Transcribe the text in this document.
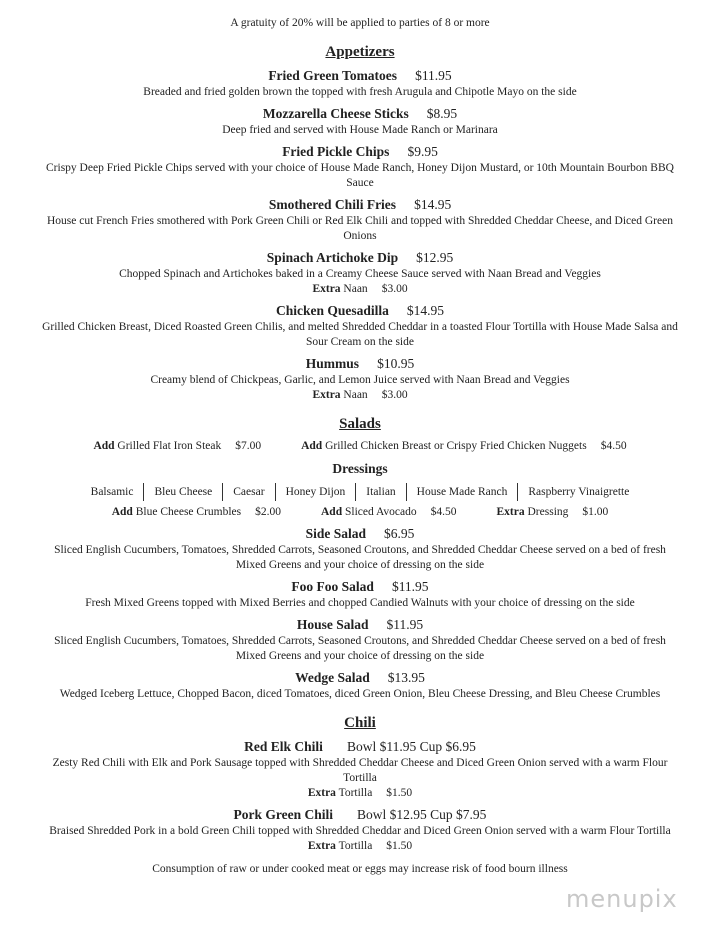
A gratuity of 20% will be applied to parties of 8 or more
Appetizers
Fried Green Tomatoes $11.95
Breaded and fried golden brown the topped with fresh Arugula and Chipotle Mayo on the side
Mozzarella Cheese Sticks $8.95
Deep fried and served with House Made Ranch or Marinara
Fried Pickle Chips $9.95
Crispy Deep Fried Pickle Chips served with your choice of House Made Ranch, Honey Dijon Mustard, or 10th Mountain Bourbon BBQ Sauce
Smothered Chili Fries $14.95
House cut French Fries smothered with Pork Green Chili or Red Elk Chili and topped with Shredded Cheddar Cheese, and Diced Green Onions
Spinach Artichoke Dip $12.95
Chopped Spinach and Artichokes baked in a Creamy Cheese Sauce served with Naan Bread and Veggies
Extra Naan $3.00
Chicken Quesadilla $14.95
Grilled Chicken Breast, Diced Roasted Green Chilis, and melted Shredded Cheddar in a toasted Flour Tortilla with House Made Salsa and Sour Cream on the side
Hummus $10.95
Creamy blend of Chickpeas, Garlic, and Lemon Juice served with Naan Bread and Veggies
Extra Naan $3.00
Salads
Add Grilled Flat Iron Steak $7.00	Add Grilled Chicken Breast or Crispy Fried Chicken Nuggets $4.50
Dressings
Balsamic	Bleu Cheese	Caesar	Honey Dijon	Italian	House Made Ranch	Raspberry Vinaigrette
Add Blue Cheese Crumbles $2.00	Add Sliced Avocado $4.50	Extra Dressing $1.00
Side Salad $6.95
Sliced English Cucumbers, Tomatoes, Shredded Carrots, Seasoned Croutons, and Shredded Cheddar Cheese served on a bed of fresh Mixed Greens and your choice of dressing on the side
Foo Foo Salad $11.95
Fresh Mixed Greens topped with Mixed Berries and chopped Candied Walnuts with your choice of dressing on the side
House Salad $11.95
Sliced English Cucumbers, Tomatoes, Shredded Carrots, Seasoned Croutons, and Shredded Cheddar Cheese served on a bed of fresh Mixed Greens and your choice of dressing on the side
Wedge Salad $13.95
Wedged Iceberg Lettuce, Chopped Bacon, diced Tomatoes, diced Green Onion, Bleu Cheese Dressing, and Bleu Cheese Crumbles
Chili
Red Elk Chili Bowl $11.95 Cup $6.95
Zesty Red Chili with Elk and Pork Sausage topped with Shredded Cheddar Cheese and Diced Green Onion served with a warm Flour Tortilla
Extra Tortilla $1.50
Pork Green Chili Bowl $12.95 Cup $7.95
Braised Shredded Pork in a bold Green Chili topped with Shredded Cheddar and Diced Green Onion served with a warm Flour Tortilla
Extra Tortilla $1.50
Consumption of raw or under cooked meat or eggs may increase risk of food bourn illness
menupix
